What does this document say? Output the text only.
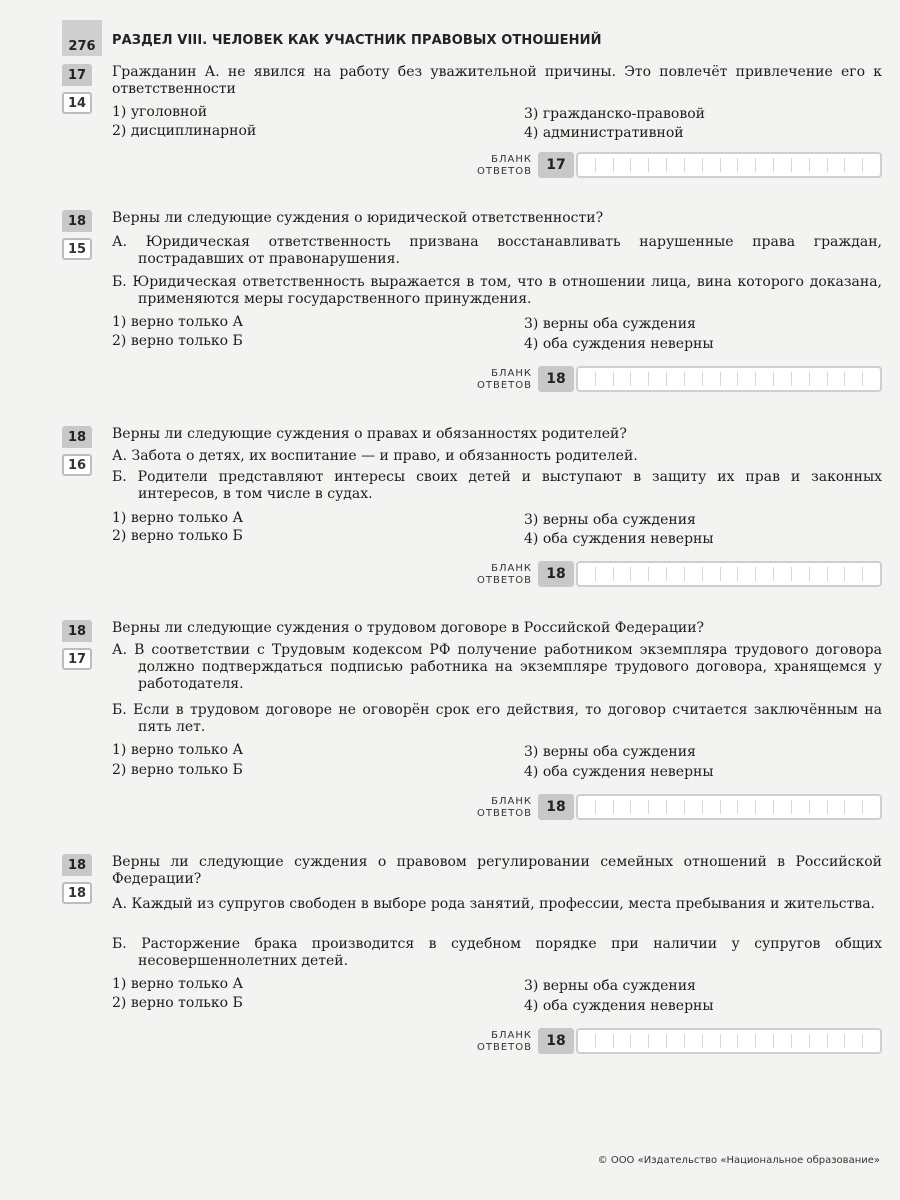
276	РАЗДЕЛ VIII. ЧЕЛОВЕК КАК УЧАСТНИК ПРАВОВЫХ ОТНОШЕНИЙ
17
14
Гражданин А. не явился на работу без уважительной причины. Это повлечёт привлечение его к ответственности
1) уголовной
2) дисциплинарной
3) гражданско-правовой
4) административной
БЛАНК
ОТВЕТОВ	17
18
15
Верны ли следующие суждения о юридической ответственности?
А. Юридическая ответственность призвана восстанавливать нарушенные права граждан, пострадавших от правонарушения.
Б. Юридическая ответственность выражается в том, что в отношении лица, вина которого доказана, применяются меры государственного принуждения.
1) верно только А
2) верно только Б
3) верны оба суждения
4) оба суждения неверны
БЛАНК
ОТВЕТОВ	18
18
16
Верны ли следующие суждения о правах и обязанностях родителей?
А. Забота о детях, их воспитание — и право, и обязанность родителей.
Б. Родители представляют интересы своих детей и выступают в защиту их прав и законных интересов, в том числе в судах.
1) верно только А
2) верно только Б
3) верны оба суждения
4) оба суждения неверны
БЛАНК
ОТВЕТОВ	18
18
17
Верны ли следующие суждения о трудовом договоре в Российской Федерации?
А. В соответствии с Трудовым кодексом РФ получение работником экземпляра трудового договора должно подтверждаться подписью работника на экземпляре трудового договора, хранящемся у работодателя.
Б. Если в трудовом договоре не оговорён срок его действия, то договор считается заключённым на пять лет.
1) верно только А
2) верно только Б
3) верны оба суждения
4) оба суждения неверны
БЛАНК
ОТВЕТОВ	18
18
18
Верны ли следующие суждения о правовом регулировании семейных отношений в Российской Федерации?
А. Каждый из супругов свободен в выборе рода занятий, профессии, места пребывания и жительства.
Б. Расторжение брака производится в судебном порядке при наличии у супругов общих несовершеннолетних детей.
1) верно только А
2) верно только Б
3) верны оба суждения
4) оба суждения неверны
БЛАНК
ОТВЕТОВ	18
© ООО «Издательство «Национальное образование»
